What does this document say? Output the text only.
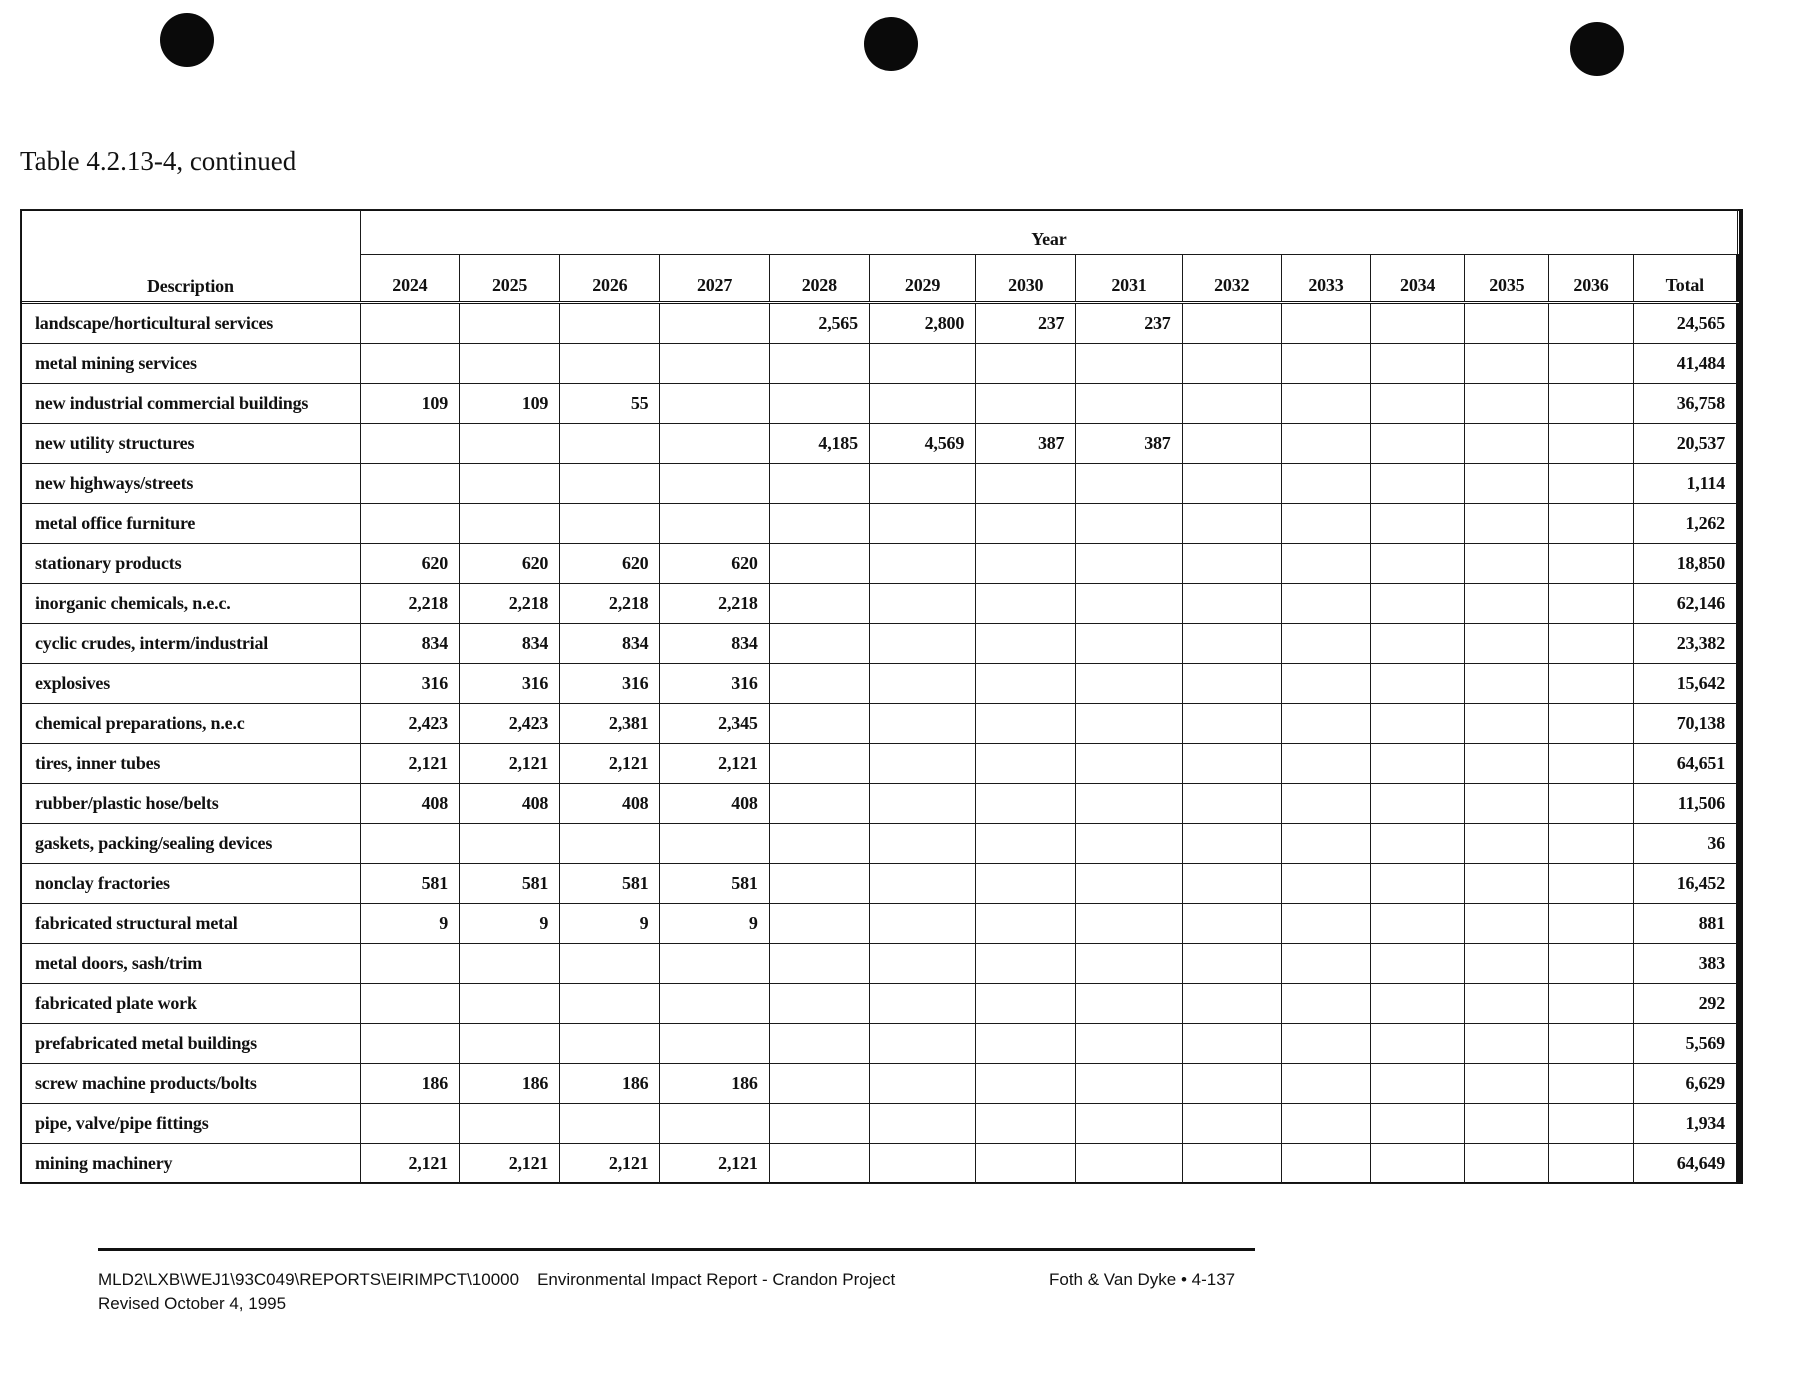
Table 4.2.13-4, continued
Description	Year													
	2024	2025	2026	2027	2028	2029	2030	2031	2032	2033	2034	2035	2036	Total
landscape/horticultural services					2,565	2,800	237	237						24,565
metal mining services														41,484
new industrial commercial buildings	109	109	55											36,758
new utility structures					4,185	4,569	387	387						20,537
new highways/streets														1,114
metal office furniture														1,262
stationary products	620	620	620	620										18,850
inorganic chemicals, n.e.c.	2,218	2,218	2,218	2,218										62,146
cyclic crudes, interm/industrial	834	834	834	834										23,382
explosives	316	316	316	316										15,642
chemical preparations, n.e.c	2,423	2,423	2,381	2,345										70,138
tires, inner tubes	2,121	2,121	2,121	2,121										64,651
rubber/plastic hose/belts	408	408	408	408										11,506
gaskets, packing/sealing devices														36
nonclay fractories	581	581	581	581										16,452
fabricated structural metal	9	9	9	9										881
metal doors, sash/trim														383
fabricated plate work														292
prefabricated metal buildings														5,569
screw machine products/bolts	186	186	186	186										6,629
pipe, valve/pipe fittings														1,934
mining machinery	2,121	2,121	2,121	2,121										64,649
MLD2\LXB\WEJ1\93C049\REPORTS\EIRIMPCT\10000 Environmental Impact Report - Crandon Project
Revised October 4, 1995
Foth & Van Dyke • 4-137
